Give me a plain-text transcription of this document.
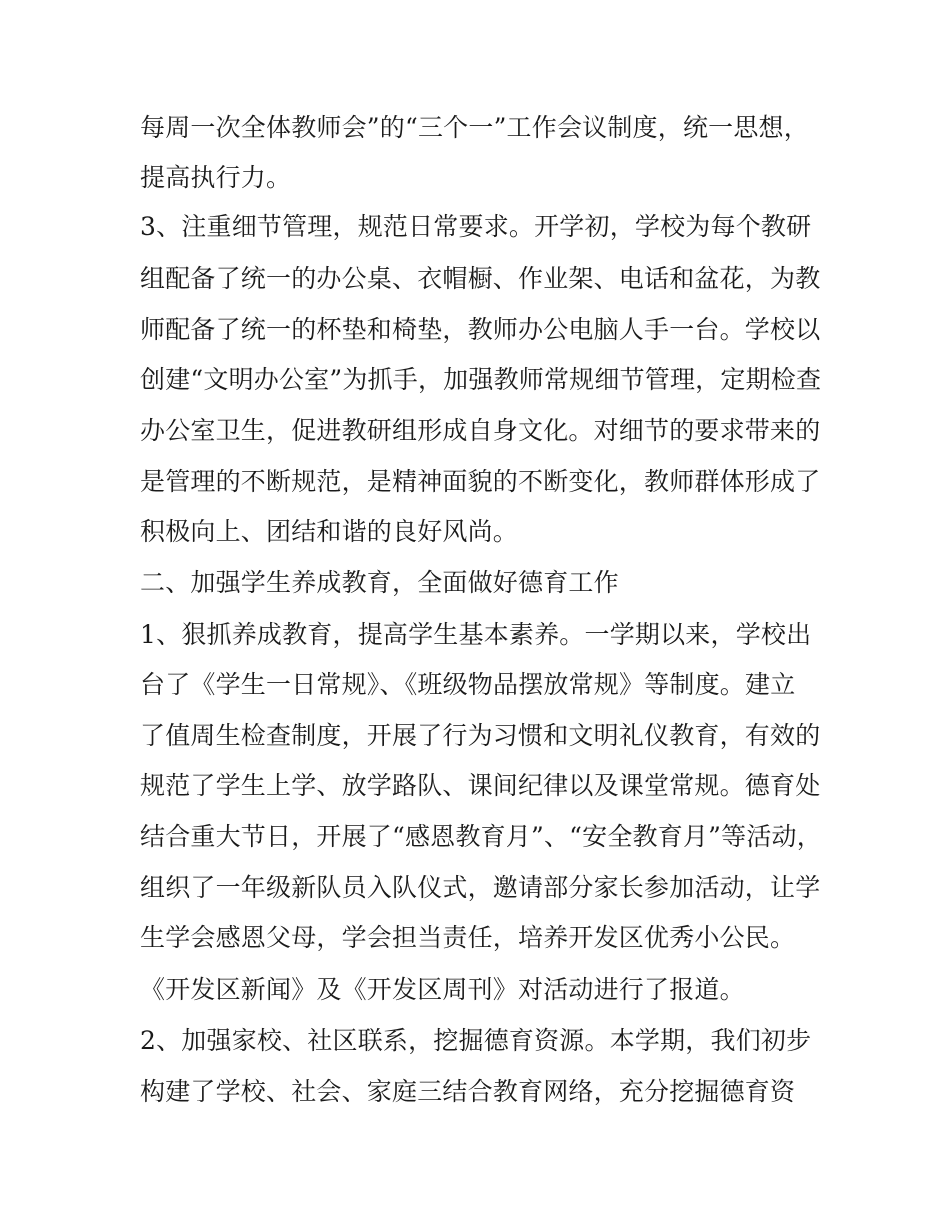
每周一次全体教师会”的“三个一”工作会议制度，统一思想，

提高执行力。

3、注重细节管理，规范日常要求。开学初，学校为每个教研

组配备了统一的办公桌、衣帽橱、作业架、电话和盆花，为教

师配备了统一的杯垫和椅垫，教师办公电脑人手一台。学校以

创建“文明办公室”为抓手，加强教师常规细节管理，定期检查

办公室卫生，促进教研组形成自身文化。对细节的要求带来的

是管理的不断规范，是精神面貌的不断变化，教师群体形成了

积极向上、团结和谐的良好风尚。

二、加强学生养成教育，全面做好德育工作

1、狠抓养成教育，提高学生基本素养。一学期以来，学校出

台了《学生一日常规》、《班级物品摆放常规》等制度。建立

了值周生检查制度，开展了行为习惯和文明礼仪教育，有效的

规范了学生上学、放学路队、课间纪律以及课堂常规。德育处

结合重大节日，开展了“感恩教育月”、“安全教育月”等活动，

组织了一年级新队员入队仪式，邀请部分家长参加活动，让学

生学会感恩父母，学会担当责任，培养开发区优秀小公民。

《开发区新闻》及《开发区周刊》对活动进行了报道。

2、加强家校、社区联系，挖掘德育资源。本学期，我们初步

构建了学校、社会、家庭三结合教育网络，充分挖掘德育资
